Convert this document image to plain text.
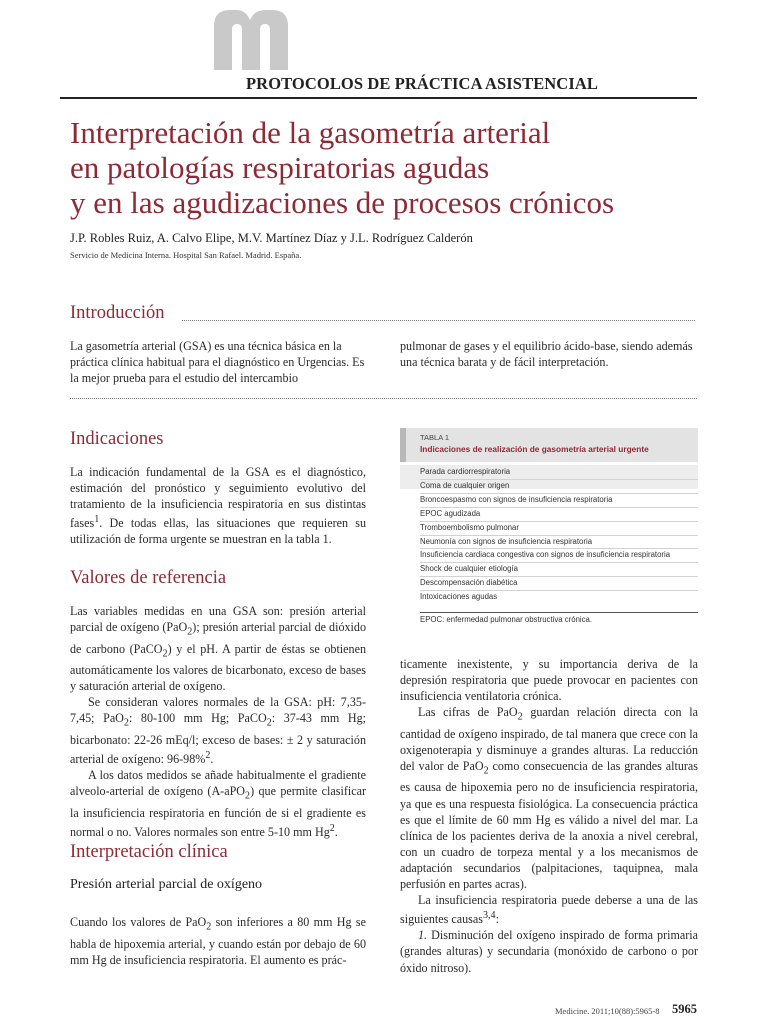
PROTOCOLOS DE PRÁCTICA ASISTENCIAL
Interpretación de la gasometría arterial
en patologías respiratorias agudas
y en las agudizaciones de procesos crónicos
J.P. Robles Ruiz, A. Calvo Elipe, M.V. Martínez Díaz y J.L. Rodríguez Calderón
Servicio de Medicina Interna. Hospital San Rafael. Madrid. España.
Introducción
La gasometría arterial (GSA) es una técnica básica en la práctica clínica habitual para el diagnóstico en Urgencias. Es la mejor prueba para el estudio del intercambio
pulmonar de gases y el equilibrio ácido-base, siendo además una técnica barata y de fácil interpretación.
Indicaciones
La indicación fundamental de la GSA es el diagnóstico, estimación del pronóstico y seguimiento evolutivo del tratamiento de la insuficiencia respiratoria en sus distintas fases$^1$. De todas ellas, las situaciones que requieren su utilización de forma urgente se muestran en la tabla 1.
Valores de referencia

Las variables medidas en una GSA son: presión arterial parcial de oxígeno (PaO$_2$); presión arterial parcial de dióxido de carbono (PaCO$_2$) y el pH. A partir de éstas se obtienen automáticamente los valores de bicarbonato, exceso de bases y saturación arterial de oxígeno.

Se consideran valores normales de la GSA: pH: 7,35-7,45; PaO$_2$: 80-100 mm Hg; PaCO$_2$: 37-43 mm Hg; bicarbonato: 22-26 mEq/l; exceso de bases: ± 2 y saturación arterial de oxígeno: 96-98%$^2$.

A los datos medidos se añade habitualmente el gradiente alveolo-arterial de oxígeno (A-aPO$_2$) que permite clasificar la insuficiencia respiratoria en función de si el gradiente es normal o no. Valores normales son entre 5-10 mm Hg$^2$.

Interpretación clínica
Presión arterial parcial de oxígeno
Cuando los valores de PaO$_2$ son inferiores a 80 mm Hg se habla de hipoxemia arterial, y cuando están por debajo de 60 mm Hg de insuficiencia respiratoria. El aumento es prác-
TABLA 1
Indicaciones de realización de gasometría arterial urgente
Parada cardiorrespiratoria
Coma de cualquier origen
Broncoespasmo con signos de insuficiencia respiratoria
EPOC agudizada
Tromboembolismo pulmonar
Neumonía con signos de insuficiencia respiratoria
Insuficiencia cardiaca congestiva con signos de insuficiencia respiratoria
Shock de cualquier etiología
Descompensación diabética
Intoxicaciones agudas
EPOC: enfermedad pulmonar obstructiva crónica.

ticamente inexistente, y su importancia deriva de la depresión respiratoria que puede provocar en pacientes con insuficiencia ventilatoria crónica.

Las cifras de PaO$_2$ guardan relación directa con la cantidad de oxígeno inspirado, de tal manera que crece con la oxigenoterapia y disminuye a grandes alturas. La reducción del valor de PaO$_2$ como consecuencia de las grandes alturas es causa de hipoxemia pero no de insuficiencia respiratoria, ya que es una respuesta fisiológica. La consecuencia práctica es que el límite de 60 mm Hg es válido a nivel del mar. La clínica de los pacientes deriva de la anoxia a nivel cerebral, con un cuadro de torpeza mental y a los mecanismos de adaptación secundarios (palpitaciones, taquipnea, mala perfusión en partes acras).

La insuficiencia respiratoria puede deberse a una de las siguientes causas$^{3,4}$:

1. Disminución del oxígeno inspirado de forma primaria (grandes alturas) y secundaria (monóxido de carbono o por óxido nitroso).

Medicine. 2011;10(88):5965-8 5965
